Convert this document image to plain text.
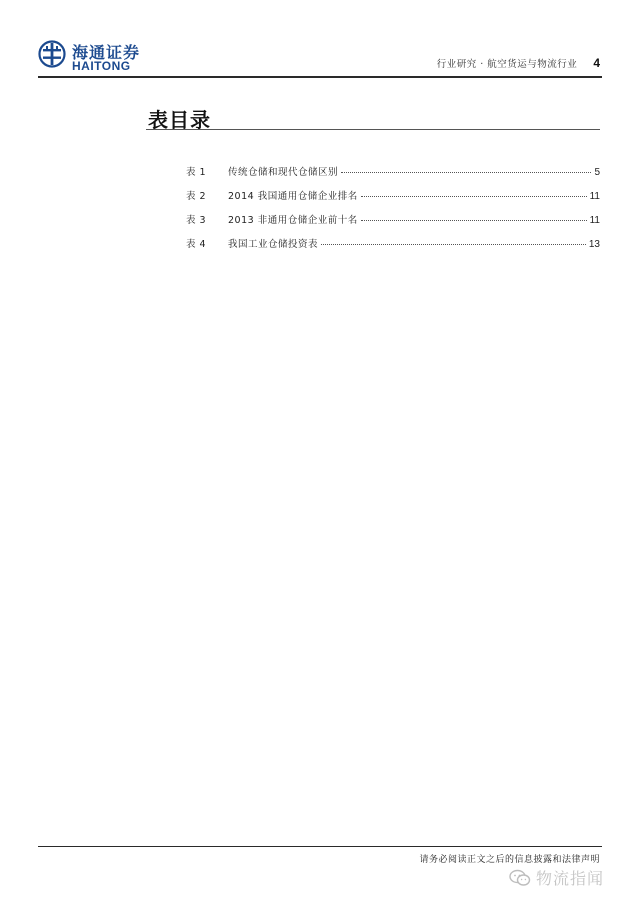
海通证券
HAITONG	行业研究 · 航空货运与物流行业 4
表目录
表 1	传统仓储和现代仓储区别	5
表 2	2014 我国通用仓储企业排名	11
表 3	2013 非通用仓储企业前十名	11
表 4	我国工业仓储投资表	13
请务必阅读正文之后的信息披露和法律声明
物流指闻
